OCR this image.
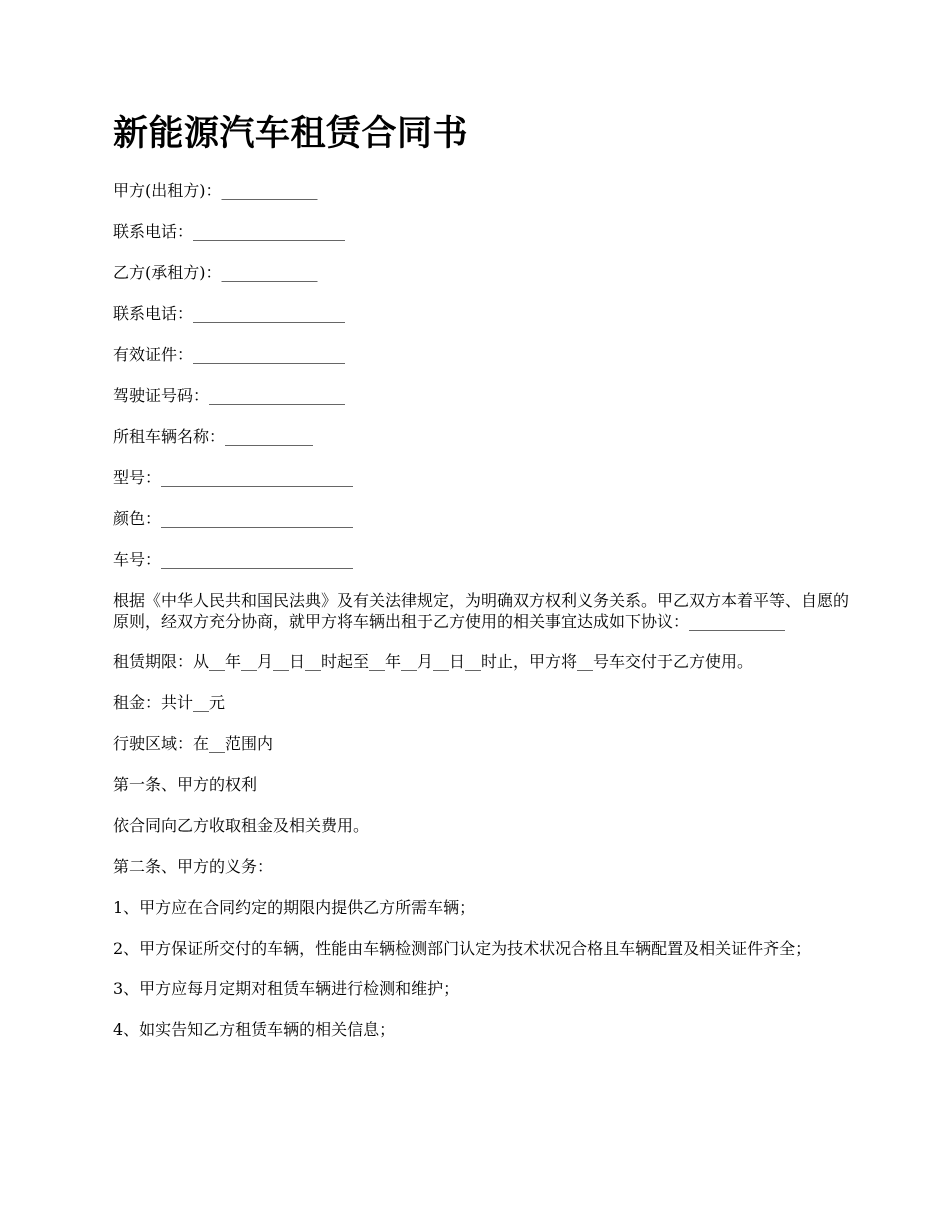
新能源汽车租赁合同书

甲方(出租方)：____________

联系电话：___________________

乙方(承租方)：____________

联系电话：___________________

有效证件：___________________

驾驶证号码：_________________

所租车辆名称：___________

型号：________________________

颜色：________________________

车号：________________________

根据《中华人民共和国民法典》及有关法律规定，为明确双方权利义务关系。甲乙双方本着平等、自愿的原则，经双方充分协商，就甲方将车辆出租于乙方使用的相关事宜达成如下协议：____________

租赁期限：从__年__月__日__时起至__年__月__日__时止，甲方将__号车交付于乙方使用。

租金：共计__元

行驶区域：在__范围内

第一条、甲方的权利

依合同向乙方收取租金及相关费用。

第二条、甲方的义务：

1、甲方应在合同约定的期限内提供乙方所需车辆；

2、甲方保证所交付的车辆，性能由车辆检测部门认定为技术状况合格且车辆配置及相关证件齐全；

3、甲方应每月定期对租赁车辆进行检测和维护；

4、如实告知乙方租赁车辆的相关信息；
